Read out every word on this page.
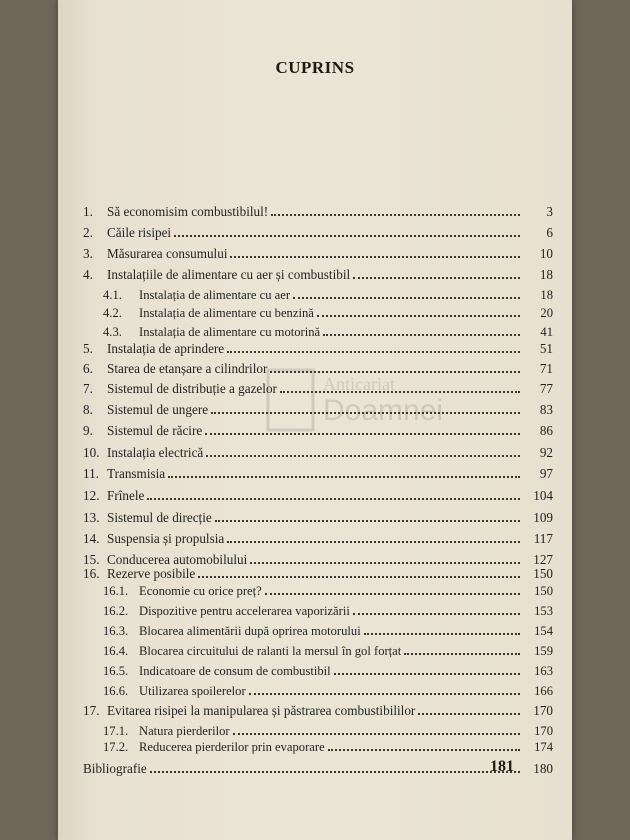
CUPRINS
Anticariat
Doamnei
1.	Să economisim combustibilul!	3
2.	Căile risipei	6
3.	Măsurarea consumului	10
4.	Instalațiile de alimentare cu aer și combustibil	18
4.1.	Instalația de alimentare cu aer	18
4.2.	Instalația de alimentare cu benzină	20
4.3.	Instalația de alimentare cu motorină	41
5.	Instalația de aprindere	51
6.	Starea de etanșare a cilindrilor	71
7.	Sistemul de distribuție a gazelor	77
8.	Sistemul de ungere	83
9.	Sistemul de răcire	86
10. Instalația electrică	92
11. Transmisia	97
12. Frînele	104
13. Sistemul de direcție	109
14. Suspensia și propulsia	117
15. Conducerea automobilului	127
16. Rezerve posibile	150
16.1. Economie cu orice preț?	150
16.2. Dispozitive pentru accelerarea vaporizării	153
16.3. Blocarea alimentării după oprirea motorului	154
16.4. Blocarea circuitului de ralanti la mersul în gol forțat	159
16.5. Indicatoare de consum de combustibil	163
16.6. Utilizarea spoilerelor	166
17. Evitarea risipei la manipularea și păstrarea combustibililor	170
17.1. Natura pierderilor	170
17.2. Reducerea pierderilor prin evaporare	174
Bibliografie	180
181
